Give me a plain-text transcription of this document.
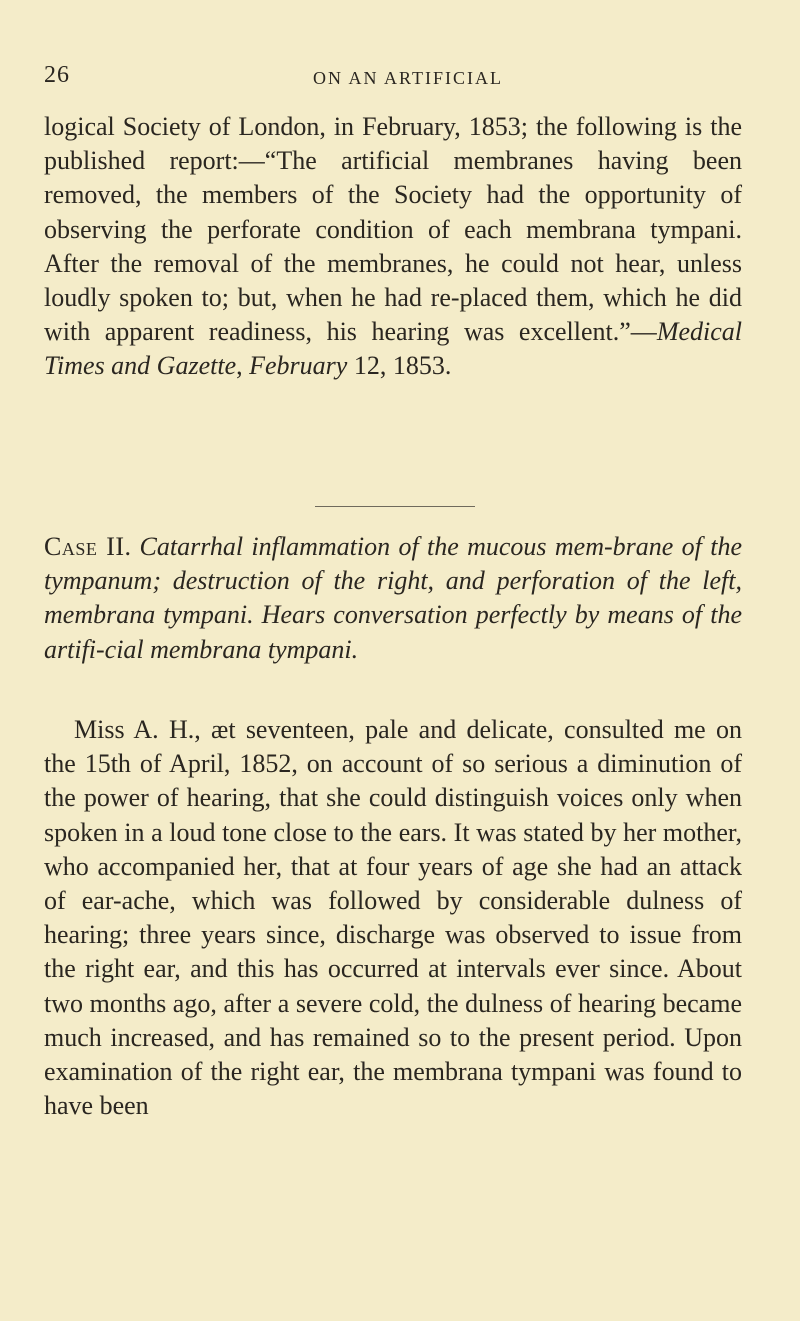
26	ON AN ARTIFICIAL

logical Society of London, in February, 1853; the following is the published report:—“The artificial membranes having been removed, the members of the Society had the opportunity of observing the perforate condition of each membrana tympani. After the removal of the membranes, he could not hear, unless loudly spoken to; but, when he had re-placed them, which he did with apparent readiness, his hearing was excellent.”—Medical Times and Gazette, February 12, 1853.

Case II. Catarrhal inflammation of the mucous mem-brane of the tympanum; destruction of the right, and perforation of the left, membrana tympani. Hears conversation perfectly by means of the artifi-cial membrana tympani.

Miss A. H., æt seventeen, pale and delicate, consulted me on the 15th of April, 1852, on account of so serious a diminution of the power of hearing, that she could distinguish voices only when spoken in a loud tone close to the ears. It was stated by her mother, who accompanied her, that at four years of age she had an attack of ear-ache, which was followed by considerable dulness of hearing; three years since, discharge was observed to issue from the right ear, and this has occurred at intervals ever since. About two months ago, after a severe cold, the dulness of hearing became much increased, and has remained so to the present period. Upon examination of the right ear, the membrana tympani was found to have been
